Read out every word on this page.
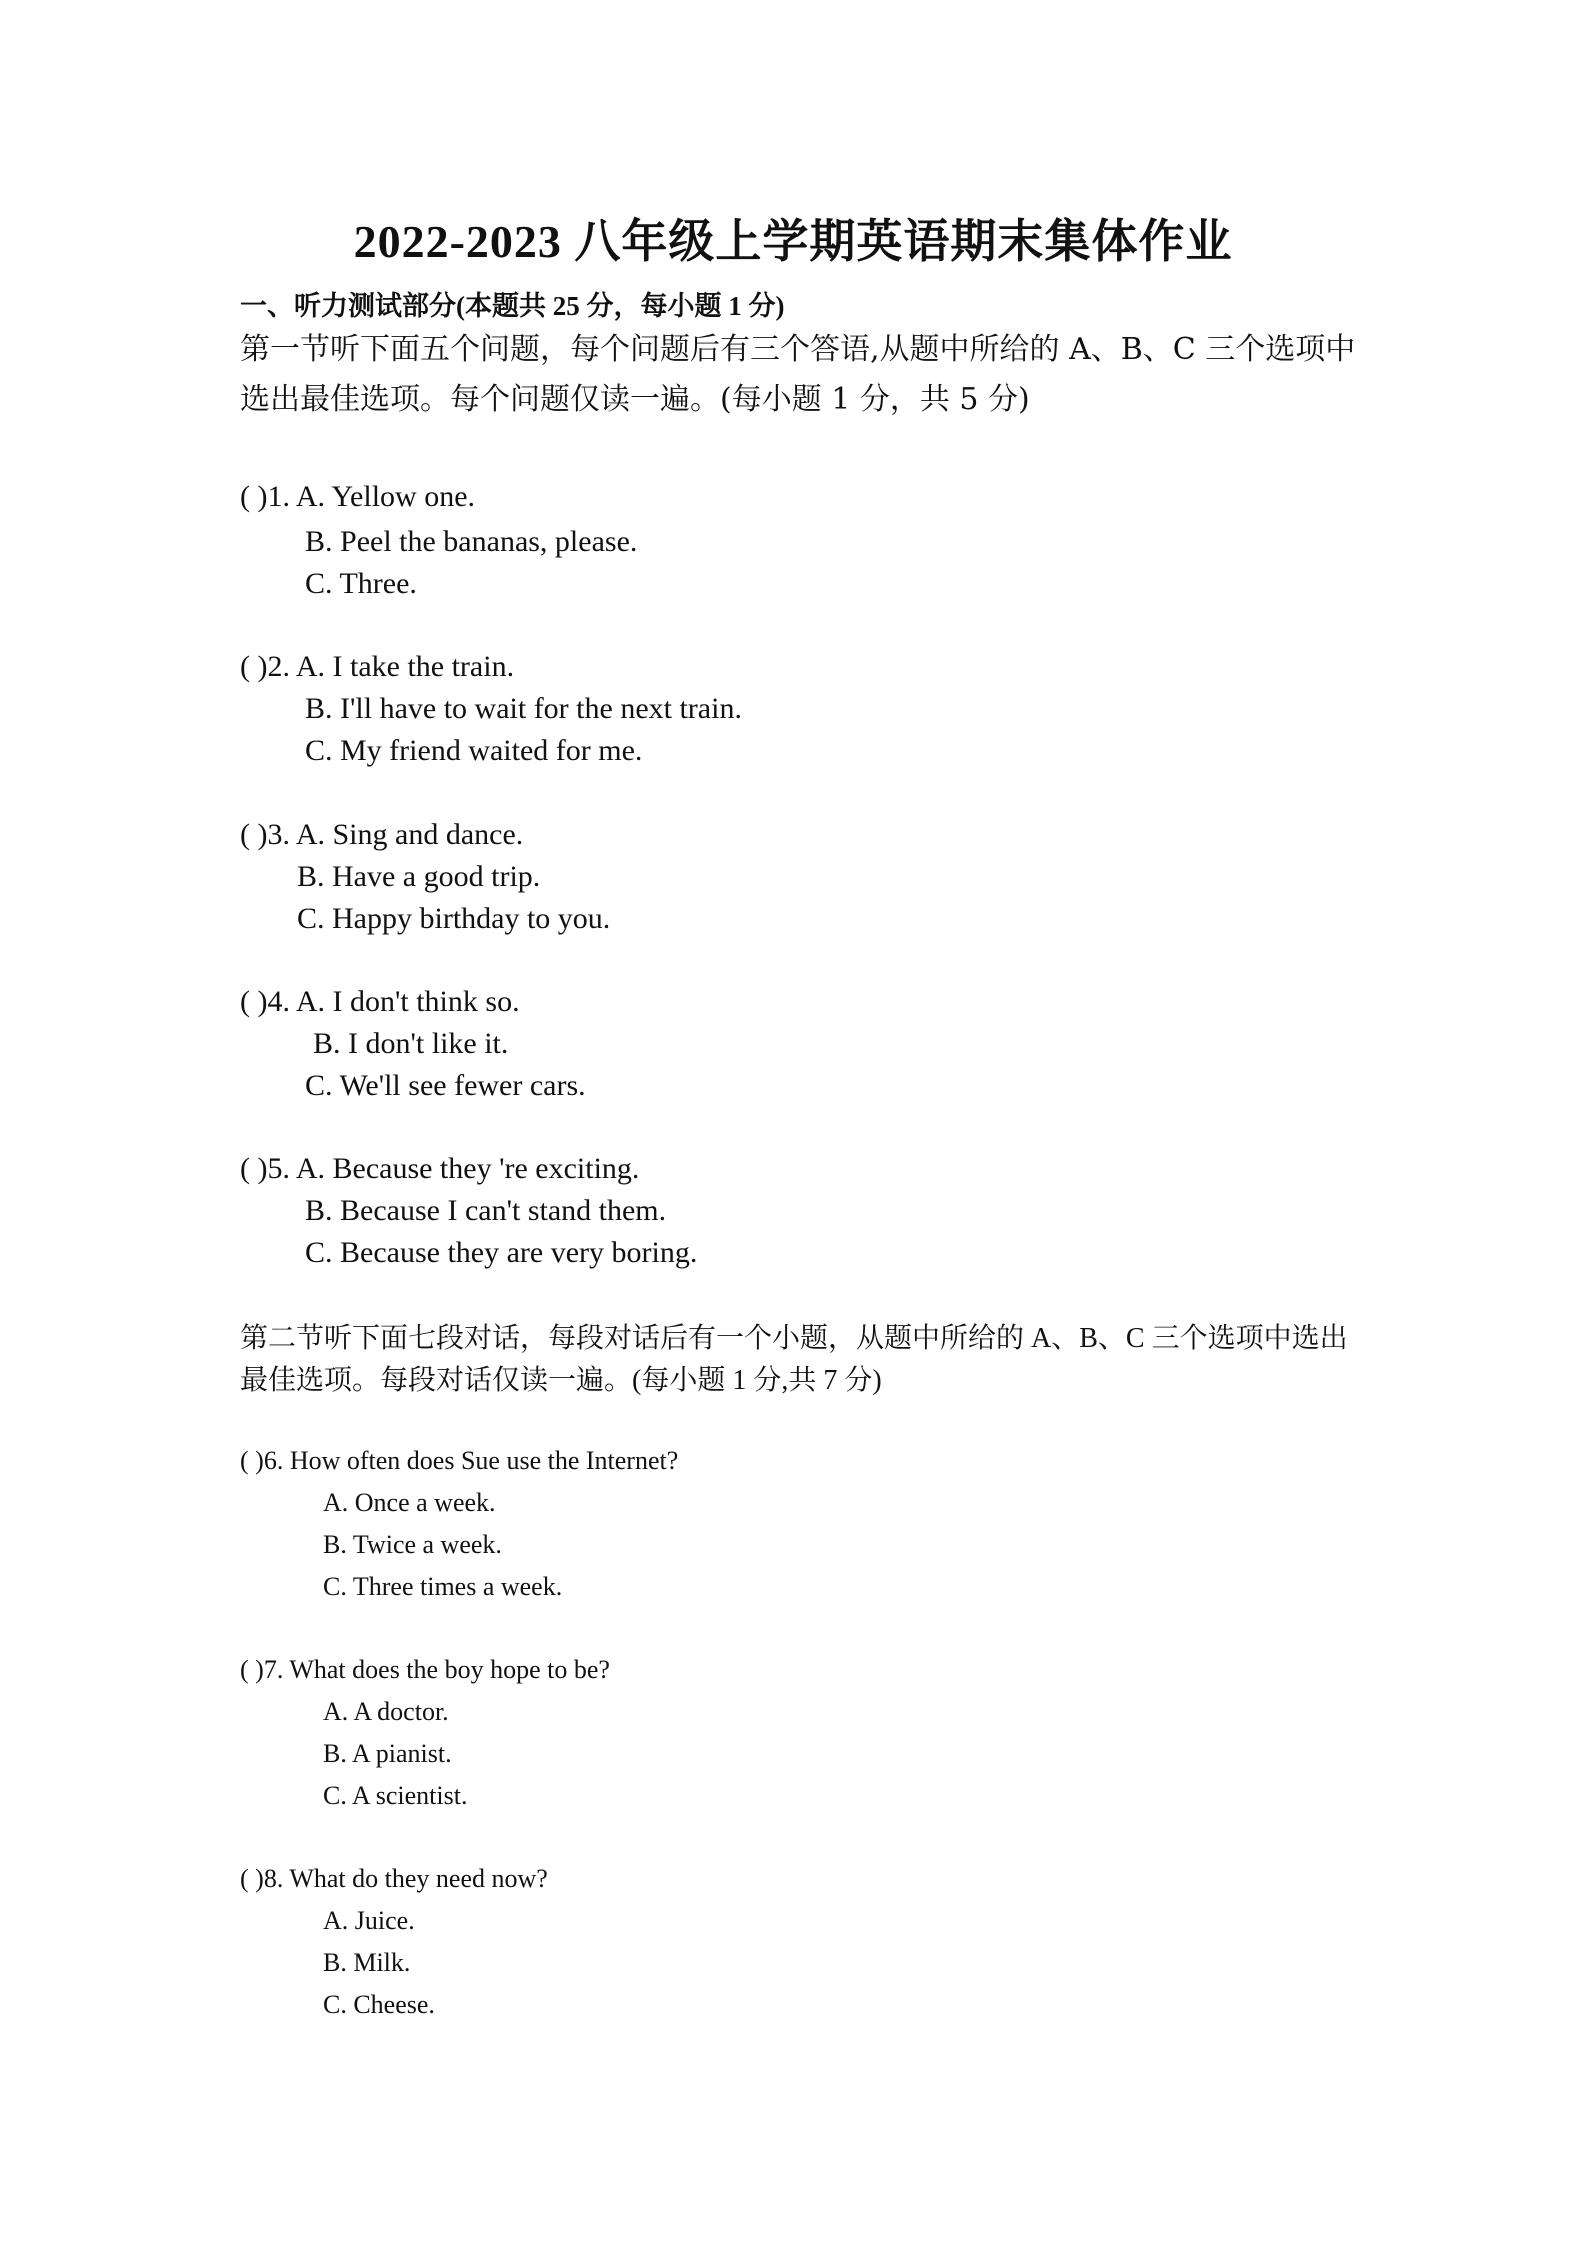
2022-2023 八年级上学期英语期末集体作业
一、听力测试部分(本题共 25 分，每小题 1 分)
第一节听下面五个问题，每个问题后有三个答语,从题中所给的 A、B、C 三个选项中选出最佳选项。每个问题仅读一遍。(每小题 1 分，共 5 分)
( )1. A. Yellow one.
B. Peel the bananas, please.
C. Three.
( )2. A. I take the train.
B. I'll have to wait for the next train.
C. My friend waited for me.
( )3. A. Sing and dance.
B. Have a good trip.
C. Happy birthday to you.
( )4. A. I don't think so.
B. I don't like it.
C. We'll see fewer cars.
( )5. A. Because they 're exciting.
B. Because I can't stand them.
C. Because they are very boring.
第二节听下面七段对话，每段对话后有一个小题，从题中所给的 A、B、C 三个选项中选出最佳选项。每段对话仅读一遍。(每小题 1 分,共 7 分)
( )6. How often does Sue use the Internet?
A. Once a week.
B. Twice a week.
C. Three times a week.
( )7. What does the boy hope to be?
A. A doctor.
B. A pianist.
C. A scientist.
( )8. What do they need now?
A. Juice.
B. Milk.
C. Cheese.
